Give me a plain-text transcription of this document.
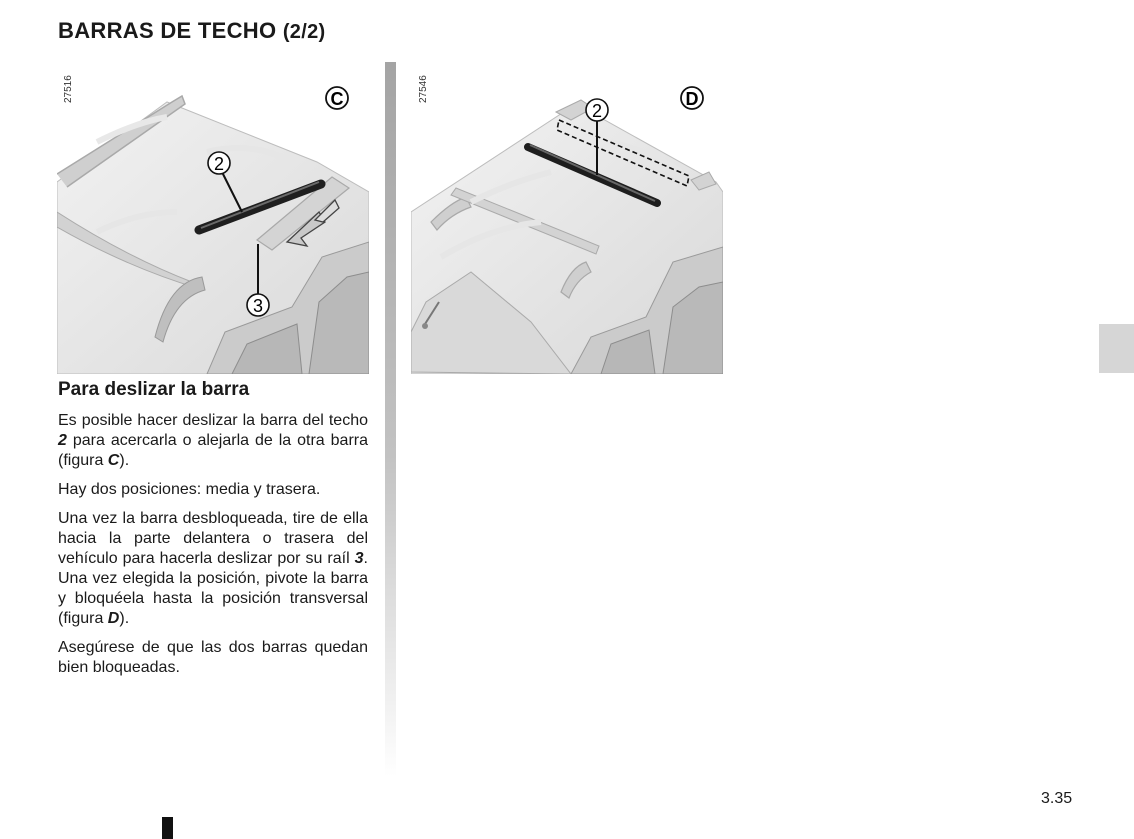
BARRAS DE TECHO (2/2)
2
3
C
27516
2
D
27546
Para deslizar la barra

Es posible hacer deslizar la barra del techo 2 para acercarla o alejarla de la otra barra (figura C).

Hay dos posiciones: media y trasera.

Una vez la barra desbloqueada, tire de ella hacia la parte delantera o trasera del vehículo para hacerla deslizar por su raíl 3. Una vez elegida la posición, pivote la barra y bloquéela hasta la posición transversal (figura D).

Asegúrese de que las dos barras quedan bien bloqueadas.

3.35
